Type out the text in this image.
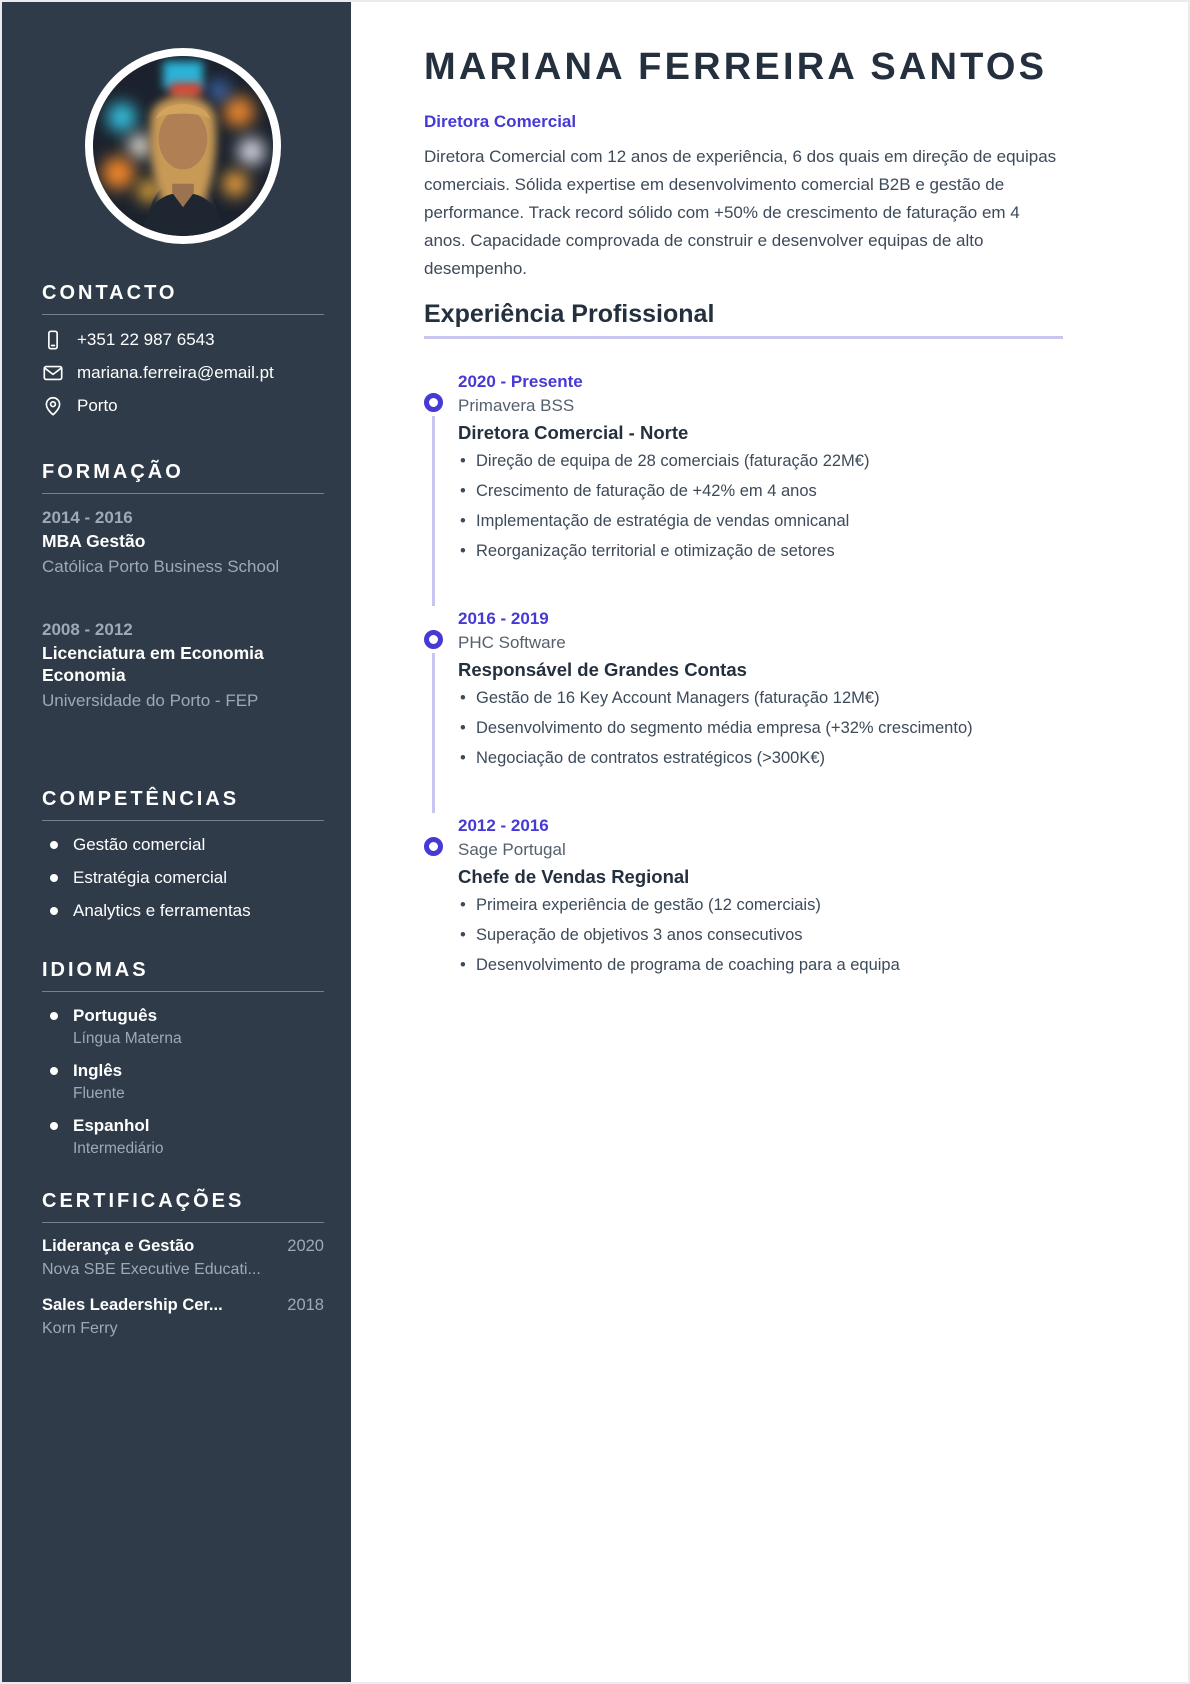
CONTACTO
+351 22 987 6543
mariana.ferreira@email.pt
Porto
FORMAÇÃO
2014 - 2016
MBA Gestão
Católica Porto Business School
2008 - 2012
Licenciatura em Economia Economia
Universidade do Porto - FEP
COMPETÊNCIAS
Gestão comercial
Estratégia comercial
Analytics e ferramentas
IDIOMAS
Português
Língua Materna
Inglês
Fluente
Espanhol
Intermediário
CERTIFICAÇÕES
Liderança e Gestão	2020
Nova SBE Executive Educati...
Sales Leadership Cer...	2018
Korn Ferry
MARIANA FERREIRA SANTOS
Diretora Comercial

Diretora Comercial com 12 anos de experiência, 6 dos quais em direção de equipas comerciais. Sólida expertise em desenvolvimento comercial B2B e gestão de performance. Track record sólido com +50% de crescimento de faturação em 4 anos. Capacidade comprovada de construir e desenvolver equipas de alto desempenho.

Experiência Profissional
2020 - Presente
Primavera BSS
Diretora Comercial - Norte
• Direção de equipa de 28 comerciais (faturação 22M€)
• Crescimento de faturação de +42% em 4 anos
• Implementação de estratégia de vendas omnicanal
• Reorganização territorial e otimização de setores
2016 - 2019
PHC Software
Responsável de Grandes Contas
• Gestão de 16 Key Account Managers (faturação 12M€)
• Desenvolvimento do segmento média empresa (+32% crescimento)
• Negociação de contratos estratégicos (>300K€)
2012 - 2016
Sage Portugal
Chefe de Vendas Regional
• Primeira experiência de gestão (12 comerciais)
• Superação de objetivos 3 anos consecutivos
• Desenvolvimento de programa de coaching para a equipa
